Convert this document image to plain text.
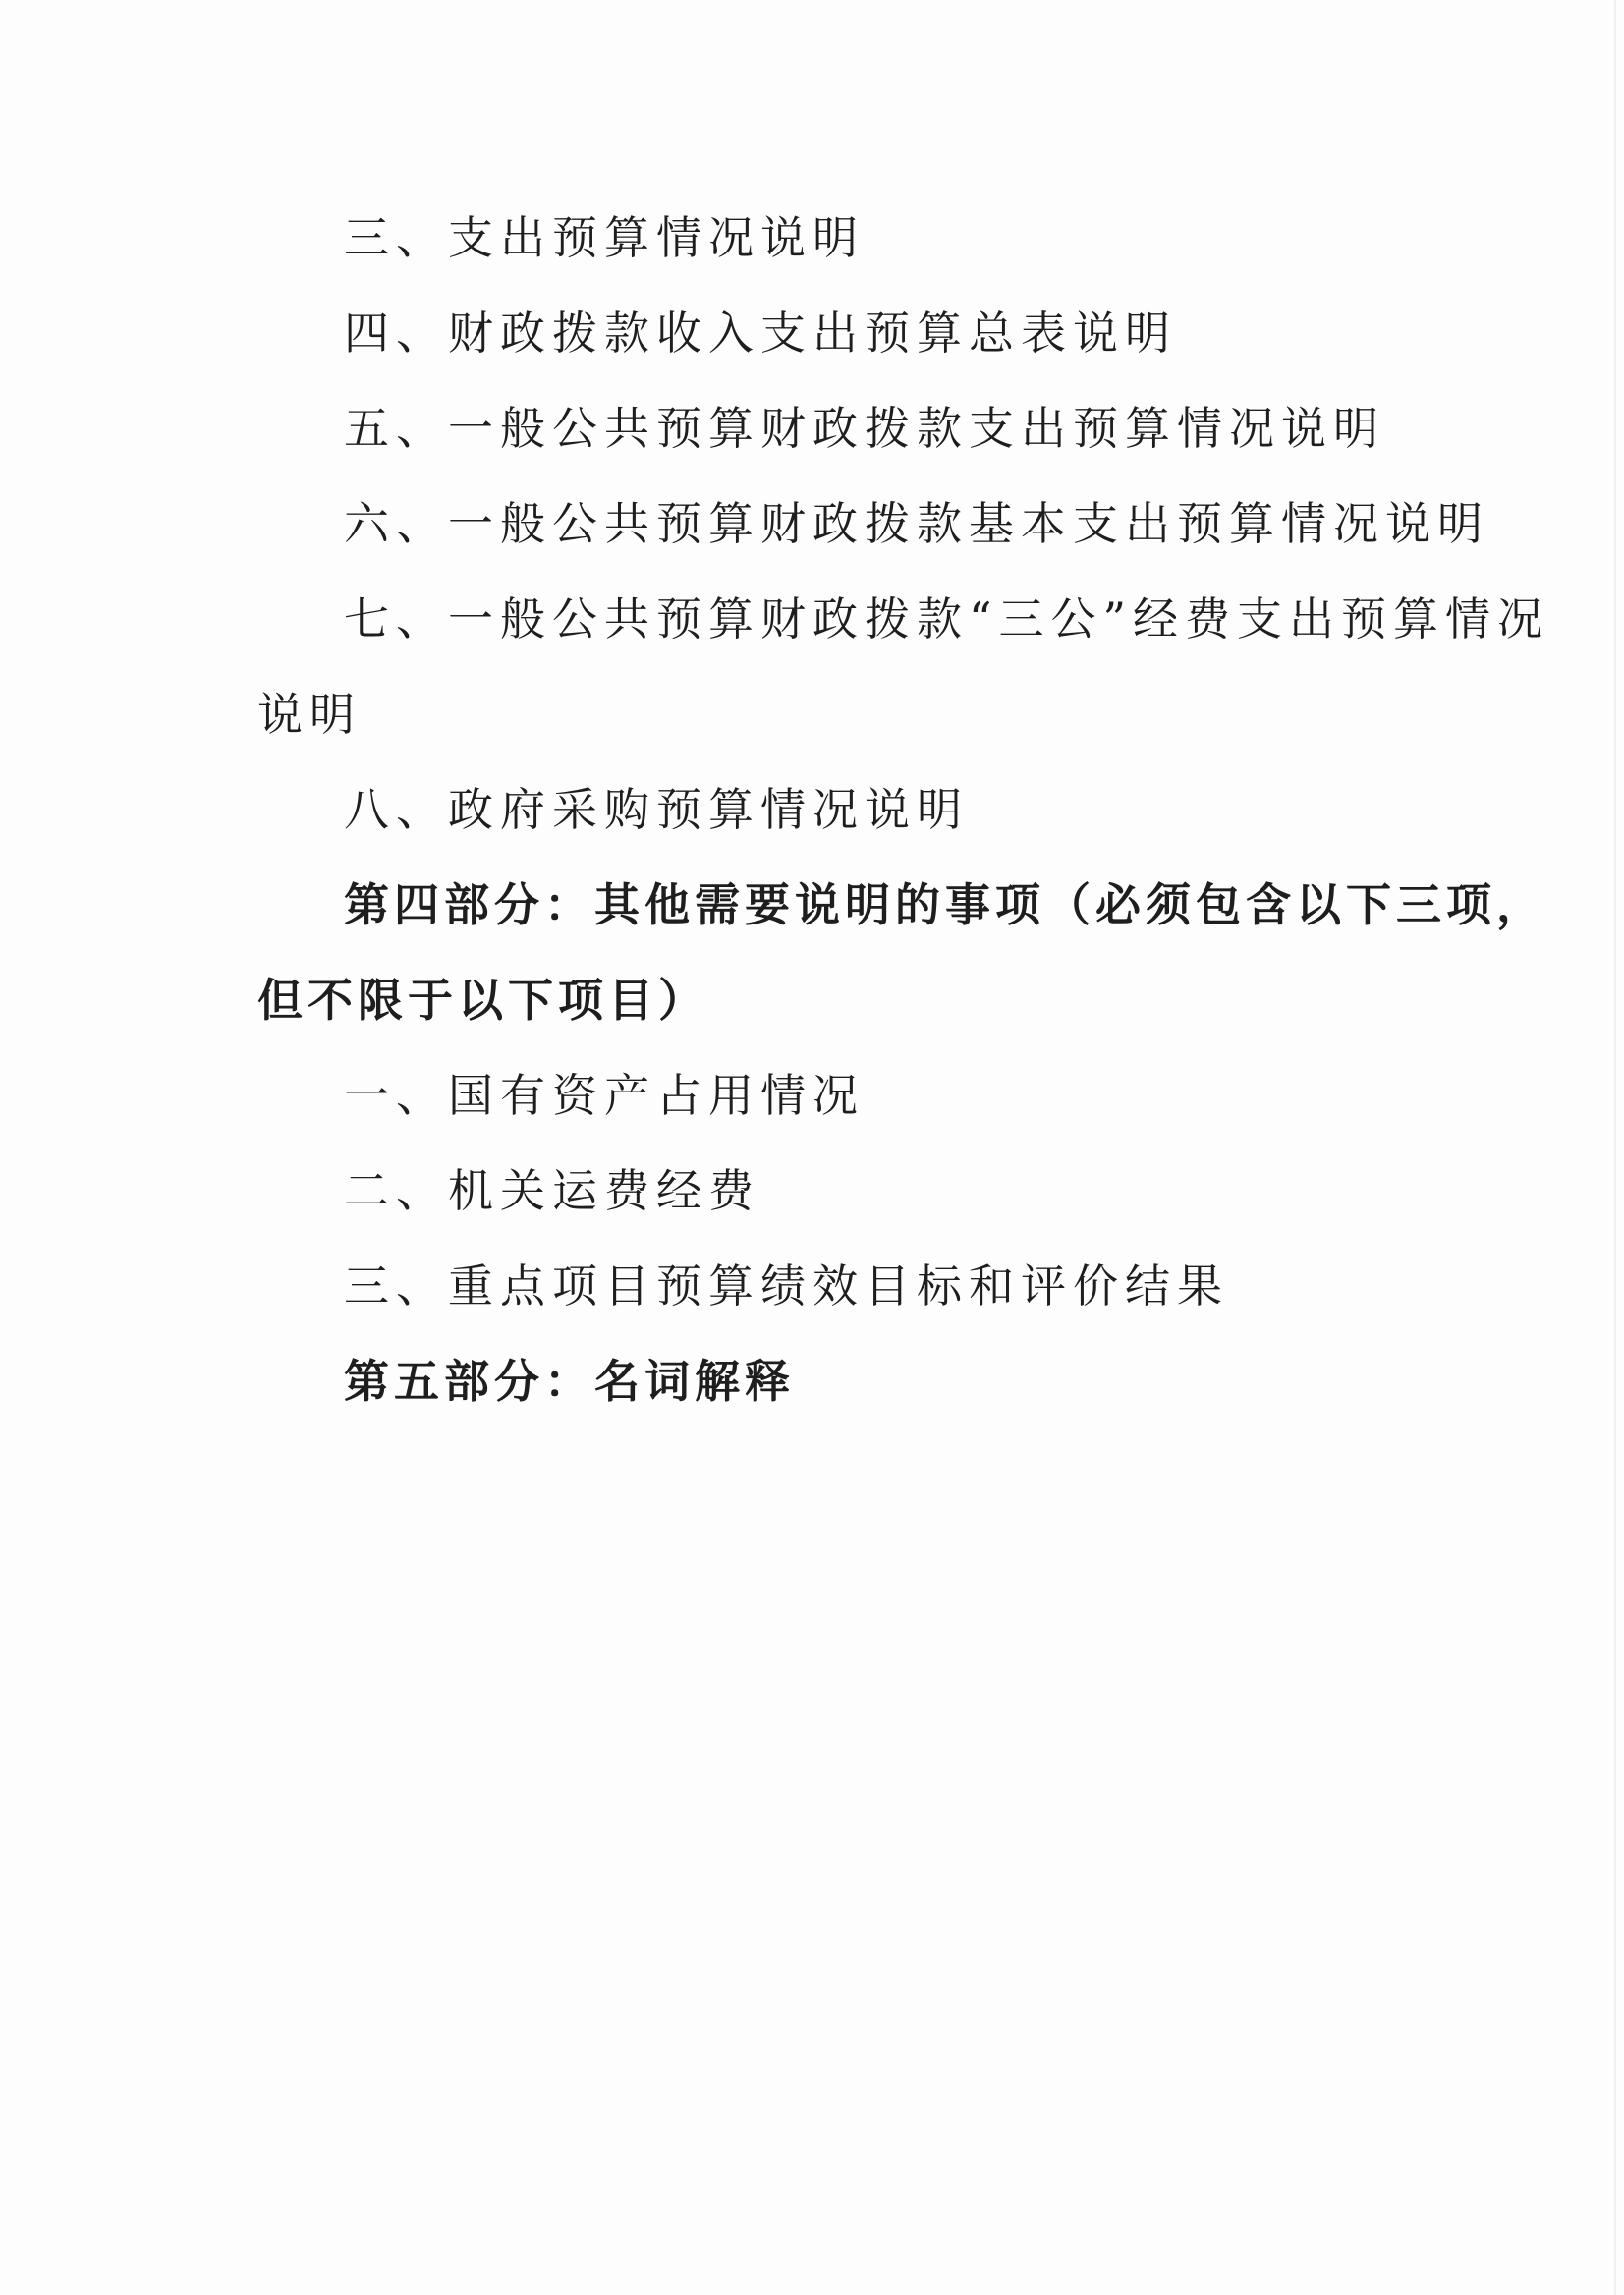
三、支出预算情况说明

四、财政拨款收入支出预算总表说明

五、一般公共预算财政拨款支出预算情况说明

六、一般公共预算财政拨款基本支出预算情况说明

七、一般公共预算财政拨款“三公”经费支出预算情况

说明

八、政府采购预算情况说明

第四部分：其他需要说明的事项（必须包含以下三项，

但不限于以下项目）

一、国有资产占用情况

二、机关运费经费

三、重点项目预算绩效目标和评价结果

第五部分：名词解释
